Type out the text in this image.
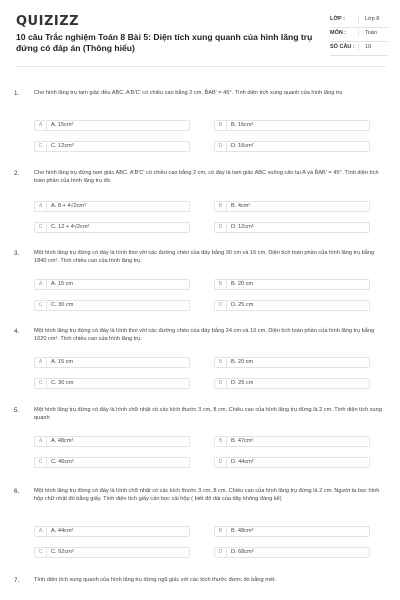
QUIZIZZ
10 câu Trắc nghiệm Toán 8 Bài 5: Diện tích xung quanh của hình lăng trụ đứng có đáp án (Thông hiểu)
LỚP :	Lớp 8
MÔN :	Toán
SỐ CÂU :	10
1.	Cho hình lăng trụ tam giác đều ABC. A'B'C' có chiều cao bằng 2 cm, B̂AB' = 45°. Tính diện tích xung quanh của hình lăng trụ
A	A. 15cm²	B	B. 16cm²
C	C. 12cm²	D	D. 16cm²
2.	Cho hình lăng trụ đứng tam giác ABC. A'B'C' có chiều cao bằng 2 cm, có đáy là tam giác ABC vuông cân tại A và B̂AB' = 45°. Tính diện tích toàn phần của hình lăng trụ đó.
A	A. 8 + 4√2cm²	B	B. 4cm²
C	C. 12 + 4√2cm²	D	D. 12cm²
3.	Một hình lăng trụ đứng có đáy là hình thoi với các đường chéo của đáy bằng 30 cm và 16 cm. Diện tích toàn phần của hình lăng trụ bằng 1840 cm². Tính chiều cao của hình lăng trụ.
A	A. 15 cm	B	B. 20 cm
C	C. 30 cm	D	D. 25 cm
4.	Một hình lăng trụ đứng có đáy là hình thoi với các đường chéo của đáy bằng 24 cm và 10 cm. Diện tích toàn phần của hình lăng trụ bằng 1020 cm². Tính chiều cao của hình lăng trụ.
A	A. 15 cm	B	B. 20 cm
C	C. 30 cm	D	D. 25 cm
5.	Một hình lăng trụ đứng có đáy là hình chữ nhật có các kích thước 3 cm, 8 cm. Chiều cao của hình lăng trụ đứng là 2 cm. Tính diện tích xung quanh
A	A. 48cm²	B	B. 47cm²
C	C. 46cm²	D	D. 44cm²
6.	Một hình lăng trụ đứng có đáy là hình chữ nhật có các kích thước 3 cm, 8 cm. Chiều cao của hình lăng trụ đứng là 2 cm. Người ta bọc hình hộp chữ nhật đó bằng giấy. Tính diện tích giấy cần bọc cái hộp ( biết độ dài của dây không đáng kể)
A	A. 44cm²	B	B. 48cm²
C	C. 92cm²	D	D. 68cm²
7.	Tính diện tích xung quanh của hình lăng trụ đứng ngũ giác với các kích thước được đo bằng mét.
